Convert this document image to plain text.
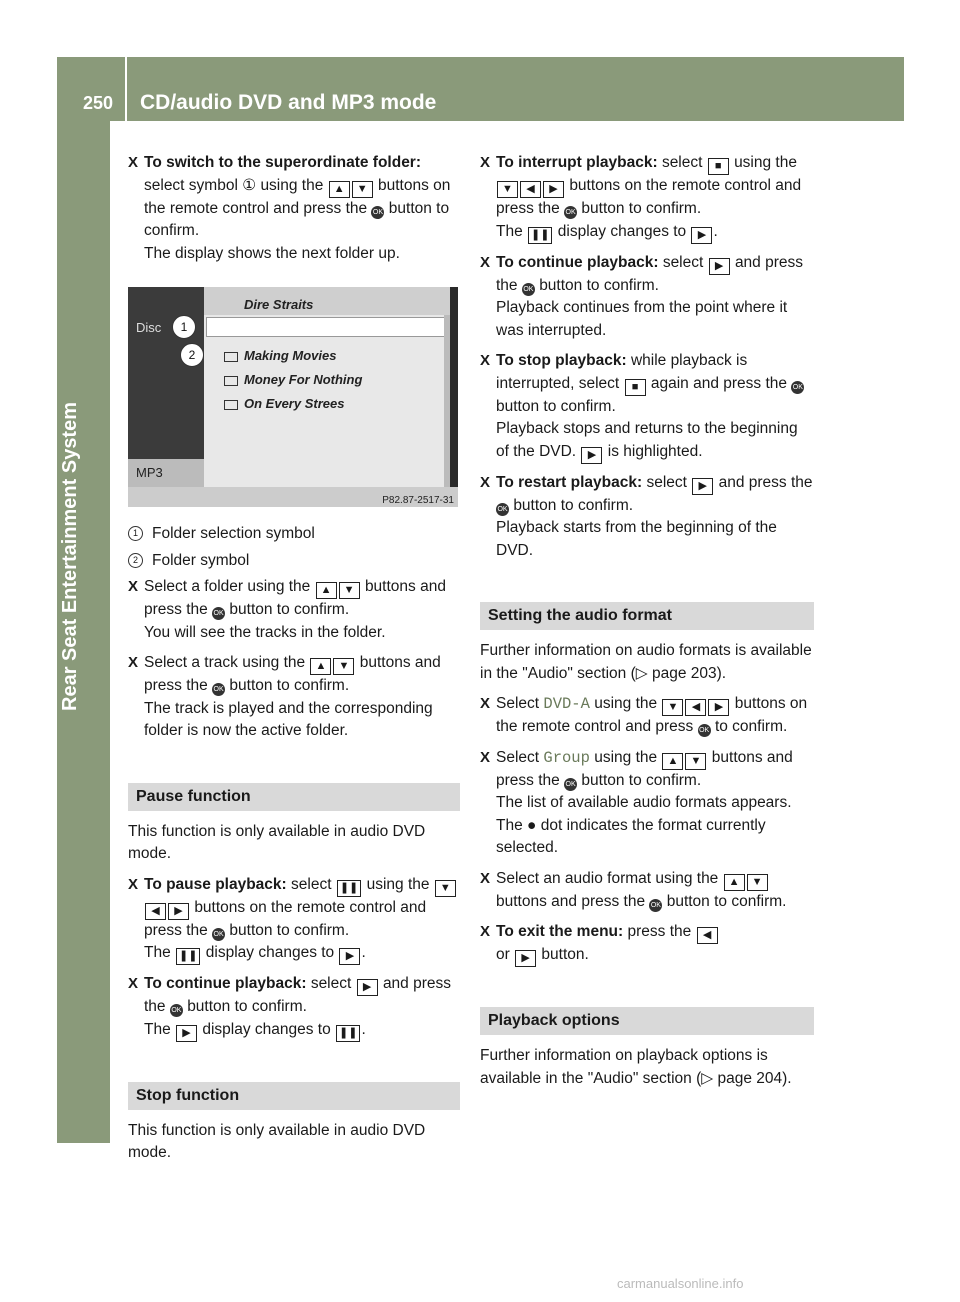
250 CD/audio DVD and MP3 mode
Rear Seat Entertainment System
X To switch to the superordinate folder:
select symbol ① using the ▲ ▼ buttons on the remote control and press the OK button to confirm.
The display shows the next folder up.
Disc
Dire Straits
Making Movies
Money For Nothing
On Every Strees
MP3
1
2
P82.87-2517-31
1 Folder selection symbol
2 Folder symbol
X Select a folder using the ▲ ▼ buttons and press the OK button to confirm.
You will see the tracks in the folder.
X Select a track using the ▲ ▼ buttons and press the OK button to confirm.
The track is played and the corresponding folder is now the active folder.
Pause function
This function is only available in audio DVD mode.
X To pause playback: select ❚❚ using the ▼◀ ▶ buttons on the remote control and press the OK button to confirm.
The ❚❚ display changes to ▶ .
X To continue playback: select ▶ and press the OK button to confirm.
The ▶ display changes to ❚❚ .
Stop function
This function is only available in audio DVD mode.
X To interrupt playback: select ■ using the ▼ ◀ ▶ buttons on the remote control and press the OK button to confirm.
The ❚❚ display changes to ▶ .
X To continue playback: select ▶ and press the OK button to confirm.
Playback continues from the point where it was interrupted.
X To stop playback: while playback is interrupted, select ■ again and press the OK button to confirm.
Playback stops and returns to the beginning of the DVD. ▶ is highlighted.
X To restart playback: select ▶ and press the OK button to confirm.
Playback starts from the beginning of the DVD.
Setting the audio format
Further information on audio formats is available in the "Audio" section (▷ page 203).
X Select DVD-A using the ▼ ◀ ▶ buttons on the remote control and press OK to confirm.
X Select Group using the ▲ ▼ buttons and press the OK button to confirm.
The list of available audio formats appears. The ● dot indicates the format currently selected.
X Select an audio format using the ▲ ▼ buttons and press the OK button to confirm.
X To exit the menu: press the ◀
or ▶ button.
Playback options
Further information on playback options is available in the "Audio" section (▷ page 204).
carmanualsonline.info
